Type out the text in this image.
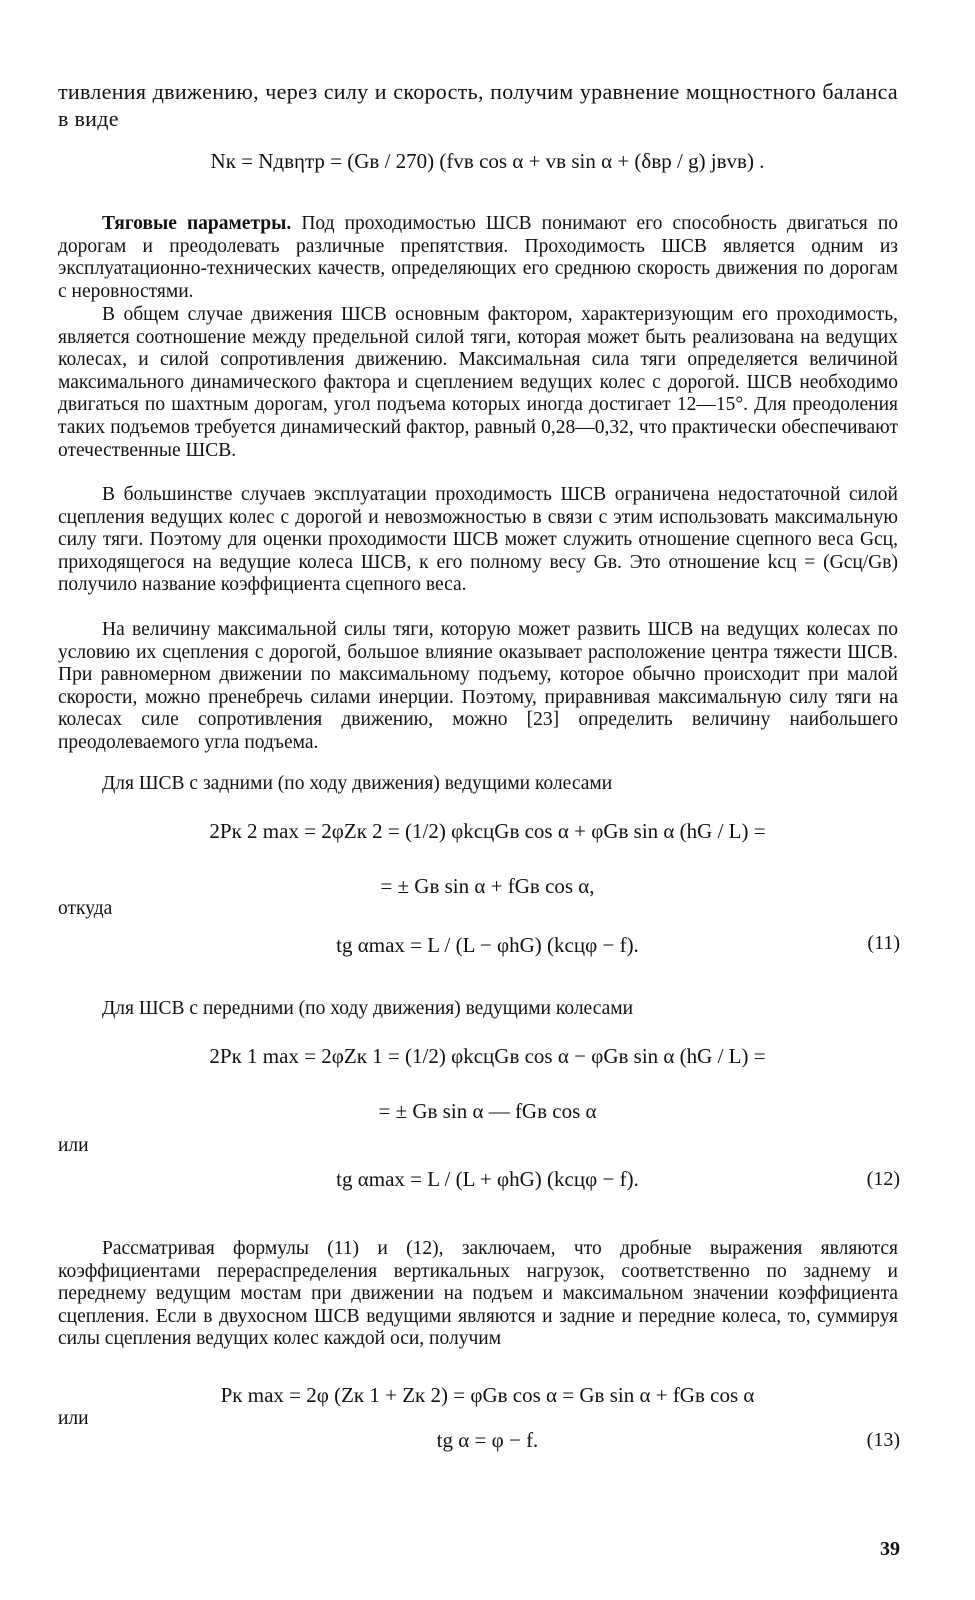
тивления движению, через силу и скорость, получим уравнение мощностного баланса в виде
Nк = Nдвηтр = (Gв / 270) (fvв cos α + vв sin α + (δвр / g) jвvв) .
Тяговые параметры. Под проходимостью ШСВ понимают его способность двигаться по дорогам и преодолевать различные препятствия. Проходимость ШСВ является одним из эксплуатационно-технических качеств, определяющих его среднюю скорость движения по дорогам с неровностями.
В общем случае движения ШСВ основным фактором, характеризующим его проходимость, является соотношение между предельной силой тяги, которая может быть реализована на ведущих колесах, и силой сопротивления движению. Максимальная сила тяги определяется величиной максимального динамического фактора и сцеплением ведущих колес с дорогой. ШСВ необходимо двигаться по шахтным дорогам, угол подъема которых иногда достигает 12—15°. Для преодоления таких подъемов требуется динамический фактор, равный 0,28—0,32, что практически обеспечивают отечественные ШСВ.
В большинстве случаев эксплуатации проходимость ШСВ ограничена недостаточной силой сцепления ведущих колес с дорогой и невозможностью в связи с этим использовать максимальную силу тяги. Поэтому для оценки проходимости ШСВ может служить отношение сцепного веса Gсц, приходящегося на ведущие колеса ШСВ, к его полному весу Gв. Это отношение kсц = (Gсц/Gв) получило название коэффициента сцепного веса.
На величину максимальной силы тяги, которую может развить ШСВ на ведущих колесах по условию их сцепления с дорогой, большое влияние оказывает расположение центра тяжести ШСВ. При равномерном движении по максимальному подъему, которое обычно происходит при малой скорости, можно пренебречь силами инерции. Поэтому, приравнивая максимальную силу тяги на колесах силе сопротивления движению, можно [23] определить величину наибольшего преодолеваемого угла подъема.
Для ШСВ с задними (по ходу движения) ведущими колесами
2Pк 2 max = 2φZк 2 = (1/2) φkсцGв cos α + φGв sin α (hG / L) =
= ± Gв sin α + fGв cos α,
откуда
tg αmax = L / (L − φhG) (kсцφ − f).	(11)
Для ШСВ с передними (по ходу движения) ведущими колесами
2Pк 1 max = 2φZк 1 = (1/2) φkсцGв cos α − φGв sin α (hG / L) =
= ± Gв sin α — fGв cos α
или
tg αmax = L / (L + φhG) (kсцφ − f).	(12)
Рассматривая формулы (11) и (12), заключаем, что дробные выражения являются коэффициентами перераспределения вертикальных нагрузок, соответственно по заднему и переднему ведущим мостам при движении на подъем и максимальном значении коэффициента сцепления. Если в двухосном ШСВ ведущими являются и задние и передние колеса, то, суммируя силы сцепления ведущих колес каждой оси, получим
Pк max = 2φ (Zк 1 + Zк 2) = φGв cos α = Gв sin α + fGв cos α
или
tg α = φ − f.	(13)
39
